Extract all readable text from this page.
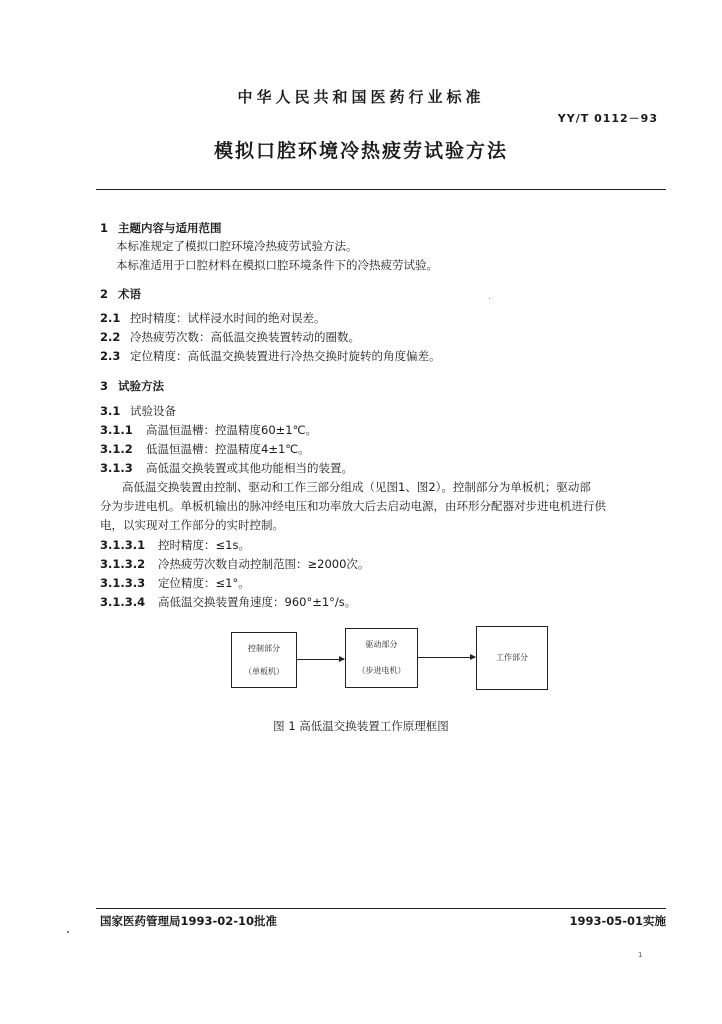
中华人民共和国医药行业标准
YY/T 0112－93
模拟口腔环境冷热疲劳试验方法
1 主题内容与适用范围
本标准规定了模拟口腔环境冷热疲劳试验方法。
本标准适用于口腔材料在模拟口腔环境条件下的冷热疲劳试验。
2 术语
2.1 控时精度：试样浸水时间的绝对误差。
2.2 冷热疲劳次数：高低温交换装置转动的圈数。
2.3 定位精度：高低温交换装置进行冷热交换时旋转的角度偏差。
3 试验方法
3.1 试验设备
3.1.1 高温恒温槽：控温精度60±1℃。
3.1.2 低温恒温槽：控温精度4±1℃。
3.1.3 高低温交换装置或其他功能相当的装置。
高低温交换装置由控制、驱动和工作三部分组成（见图1、图2）。控制部分为单板机；驱动部
分为步进电机。单板机输出的脉冲经电压和功率放大后去启动电源，由环形分配器对步进电机进行供
电，以实现对工作部分的实时控制。
3.1.3.1 控时精度：≤1s。
3.1.3.2 冷热疲劳次数自动控制范围：≥2000次。
3.1.3.3 定位精度：≤1°。
3.1.3.4 高低温交换装置角速度：960°±1°/s。
控制部分
（单板机）
驱动部分
（步进电机）
工作部分
图 1 高低温交换装置工作原理框图
国家医药管理局1993-02-10批准	1993-05-01实施
1
